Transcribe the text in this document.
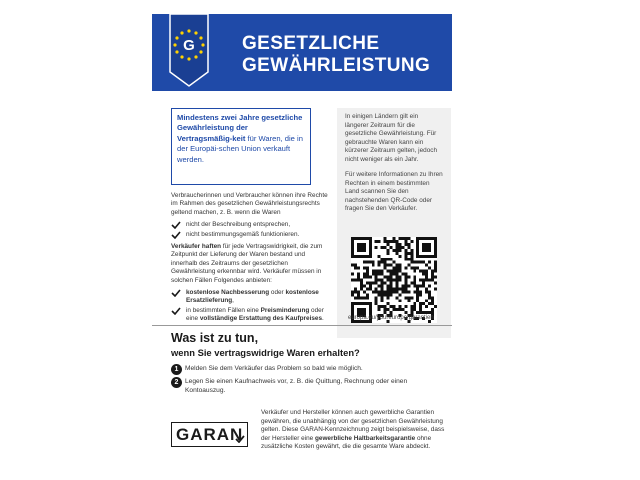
G GESETZLICHE
GEWÄHRLEISTUNG
Mindestens zwei Jahre gesetzliche Gewährleistung der Vertragsmäßig-keit für Waren, die in der Europäi-schen Union verkauft werden.

Verbraucherinnen und Verbraucher können ihre Rechte im Rahmen des gesetzlichen Gewährleistungsrechts geltend machen, z. B. wenn die Waren

nicht der Beschreibung entsprechen,
nicht bestimmungsgemäß funktionieren.

Verkäufer haften für jede Vertragswidrigkeit, die zum Zeitpunkt der Lieferung der Waren bestand und innerhalb des Zeitraums der gesetzlichen Gewährleistung erkennbar wird. Verkäufer müssen in solchen Fällen Folgendes anbieten:

kostenlose Nachbesserung oder kostenlose Ersatzlieferung,
in bestimmten Fällen eine Preisminderung oder eine vollständige Erstattung des Kaufpreises.

In einigen Ländern gilt ein längerer Zeitraum für die gesetzliche Gewährleistung. Für gebrauchte Waren kann ein kürzerer Zeitraum gelten, jedoch nicht weniger als ein Jahr.

Für weitere Informationen zu Ihren Rechten in einem bestimmten Land scannen Sie den nachstehenden QR-Code oder fragen Sie den Verkäufer.

europa.eu/youreurope/garantien
Was ist zu tun,
wenn Sie vertragswidrige Waren erhalten?
1 Melden Sie dem Verkäufer das Problem so bald wie möglich.
2 Legen Sie einen Kaufnachweis vor, z. B. die Quittung, Rechnung oder einen Kontoauszug.
GARAN
Verkäufer und Hersteller können auch gewerbliche Garantien gewähren, die unabhängig von der gesetzlichen Gewährleistung gelten. Diese GARAN-Kennzeichnung zeigt beispielsweise, dass der Hersteller eine gewerbliche Haltbarkeitsgarantie ohne zusätzliche Kosten gewährt, die die gesamte Ware abdeckt.
